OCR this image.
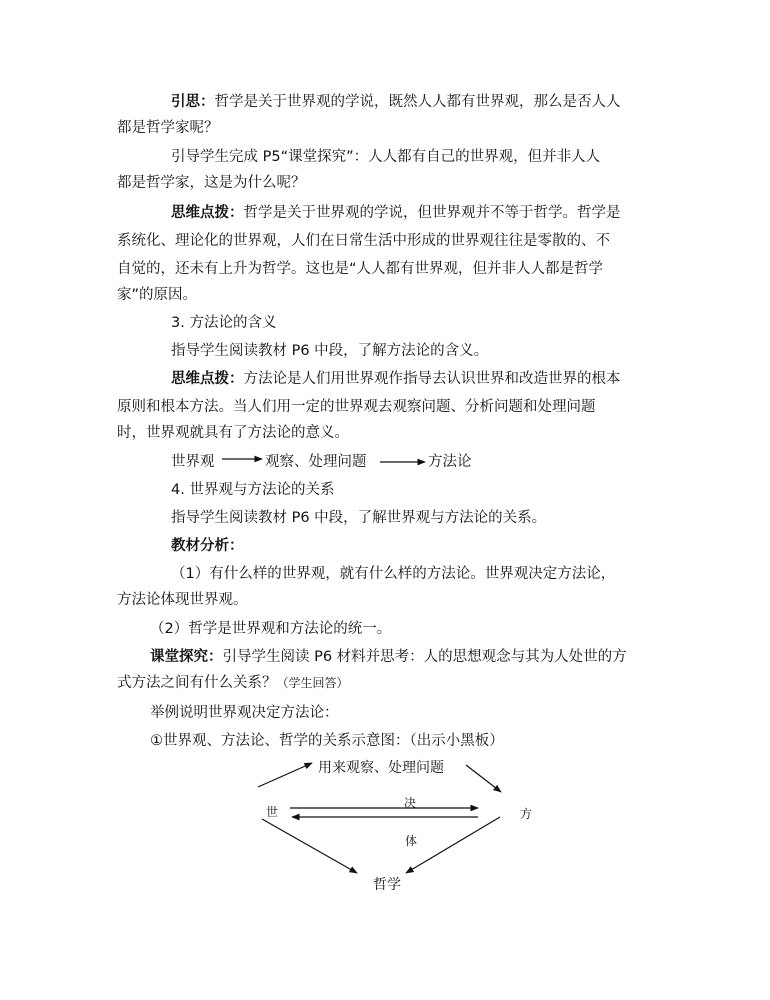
引思：哲学是关于世界观的学说，既然人人都有世界观，那么是否人人
都是哲学家呢？
引导学生完成 P5“课堂探究”：人人都有自己的世界观，但并非人人
都是哲学家，这是为什么呢？
思维点拨：哲学是关于世界观的学说，但世界观并不等于哲学。哲学是
系统化、理论化的世界观，人们在日常生活中形成的世界观往往是零散的、不
自觉的，还未有上升为哲学。这也是“人人都有世界观，但并非人人都是哲学
家”的原因。
3. 方法论的含义
指导学生阅读教材 P6 中段，了解方法论的含义。
思维点拨：方法论是人们用世界观作指导去认识世界和改造世界的根本
原则和根本方法。当人们用一定的世界观去观察问题、分析问题和处理问题
时，世界观就具有了方法论的意义。
世界观	观察、处理问题	方法论
4. 世界观与方法论的关系
指导学生阅读教材 P6 中段，了解世界观与方法论的关系。
教材分析：
（1）有什么样的世界观，就有什么样的方法论。世界观决定方法论，
方法论体现世界观。
（2）哲学是世界观和方法论的统一。
课堂探究：引导学生阅读 P6 材料并思考：人的思想观念与其为人处世的方
式方法之间有什么关系？（学生回答）
举例说明世界观决定方法论：
①世界观、方法论、哲学的关系示意图：（出示小黑板）
用来观察、处理问题
世	方
决
体
哲学
